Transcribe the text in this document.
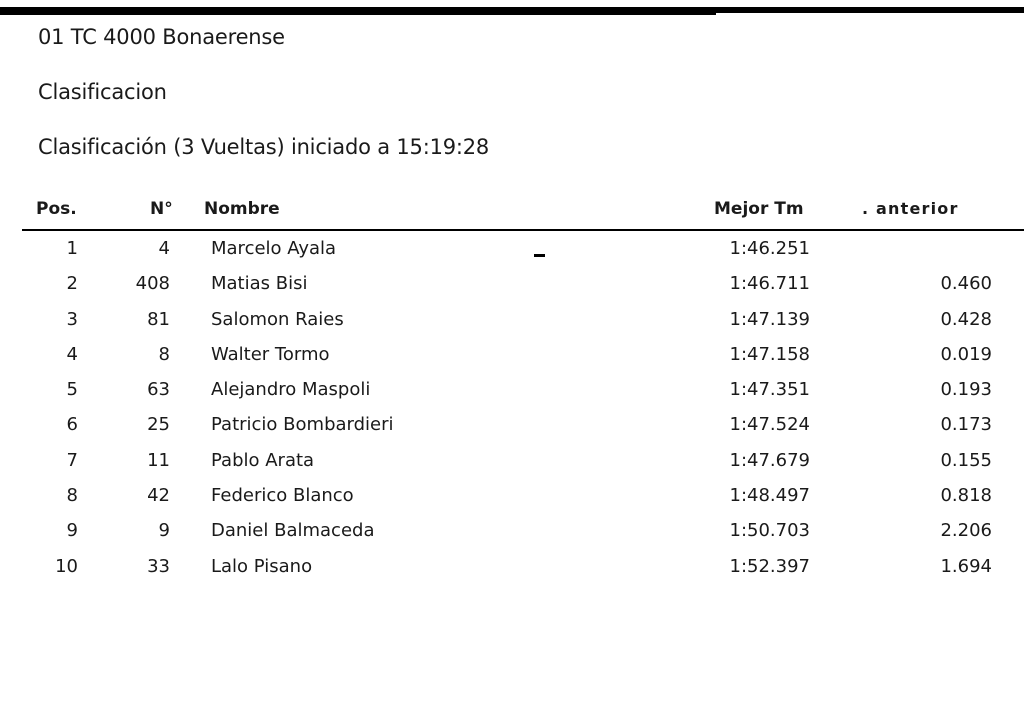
01 TC 4000 Bonaerense
Clasificacion
Clasificación (3 Vueltas) iniciado a 15:19:28
Pos.	N° Nombre	Mejor Tm	. anterior
1	4 Marcelo Ayala	1:46.251
2	408 Matias Bisi	1:46.711	0.460
3	81 Salomon Raies	1:47.139	0.428
4	8 Walter Tormo	1:47.158	0.019
5	63 Alejandro Maspoli	1:47.351	0.193
6	25 Patricio Bombardieri	1:47.524	0.173
7	11 Pablo Arata	1:47.679	0.155
8	42 Federico Blanco	1:48.497	0.818
9	9 Daniel Balmaceda	1:50.703	2.206
10	33 Lalo Pisano	1:52.397	1.694
